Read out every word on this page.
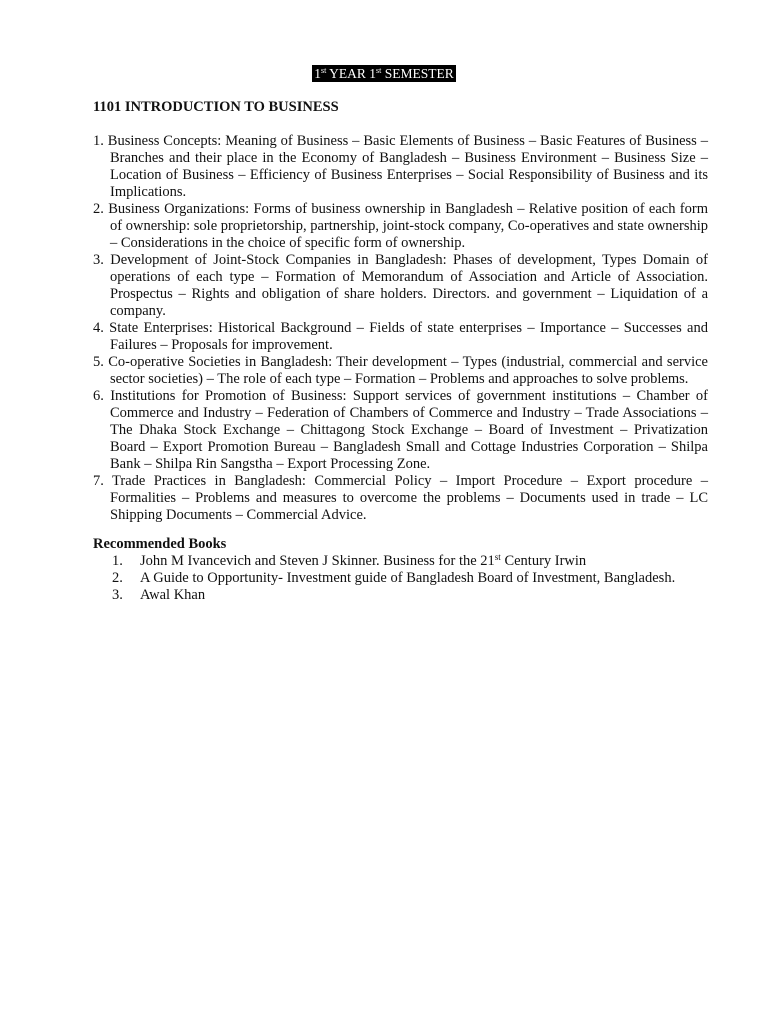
1st YEAR 1st SEMESTER
1101 INTRODUCTION TO BUSINESS
1. Business Concepts: Meaning of Business – Basic Elements of Business – Basic Features of Business – Branches and their place in the Economy of Bangladesh – Business Environment – Business Size – Location of Business – Efficiency of Business Enterprises – Social Responsibility of Business and its Implications.
2. Business Organizations: Forms of business ownership in Bangladesh – Relative position of each form of ownership: sole proprietorship, partnership, joint-stock company, Co-operatives and state ownership – Considerations in the choice of specific form of ownership.
3. Development of Joint-Stock Companies in Bangladesh: Phases of development, Types Domain of operations of each type – Formation of Memorandum of Association and Article of Association. Prospectus – Rights and obligation of share holders. Directors. and government – Liquidation of a company.
4. State Enterprises: Historical Background – Fields of state enterprises – Importance – Successes and Failures – Proposals for improvement.
5. Co-operative Societies in Bangladesh: Their development – Types (industrial, commercial and service sector societies) – The role of each type – Formation – Problems and approaches to solve problems.
6. Institutions for Promotion of Business: Support services of government institutions – Chamber of Commerce and Industry – Federation of Chambers of Commerce and Industry – Trade Associations – The Dhaka Stock Exchange – Chittagong Stock Exchange – Board of Investment – Privatization Board – Export Promotion Bureau – Bangladesh Small and Cottage Industries Corporation – Shilpa Bank – Shilpa Rin Sangstha – Export Processing Zone.
7. Trade Practices in Bangladesh: Commercial Policy – Import Procedure – Export procedure – Formalities – Problems and measures to overcome the problems – Documents used in trade – LC Shipping Documents – Commercial Advice.
Recommended Books
1.	John M Ivancevich and Steven J Skinner. Business for the 21st Century Irwin
2.	A Guide to Opportunity- Investment guide of Bangladesh Board of Investment, Bangladesh.
3.	Awal Khan
